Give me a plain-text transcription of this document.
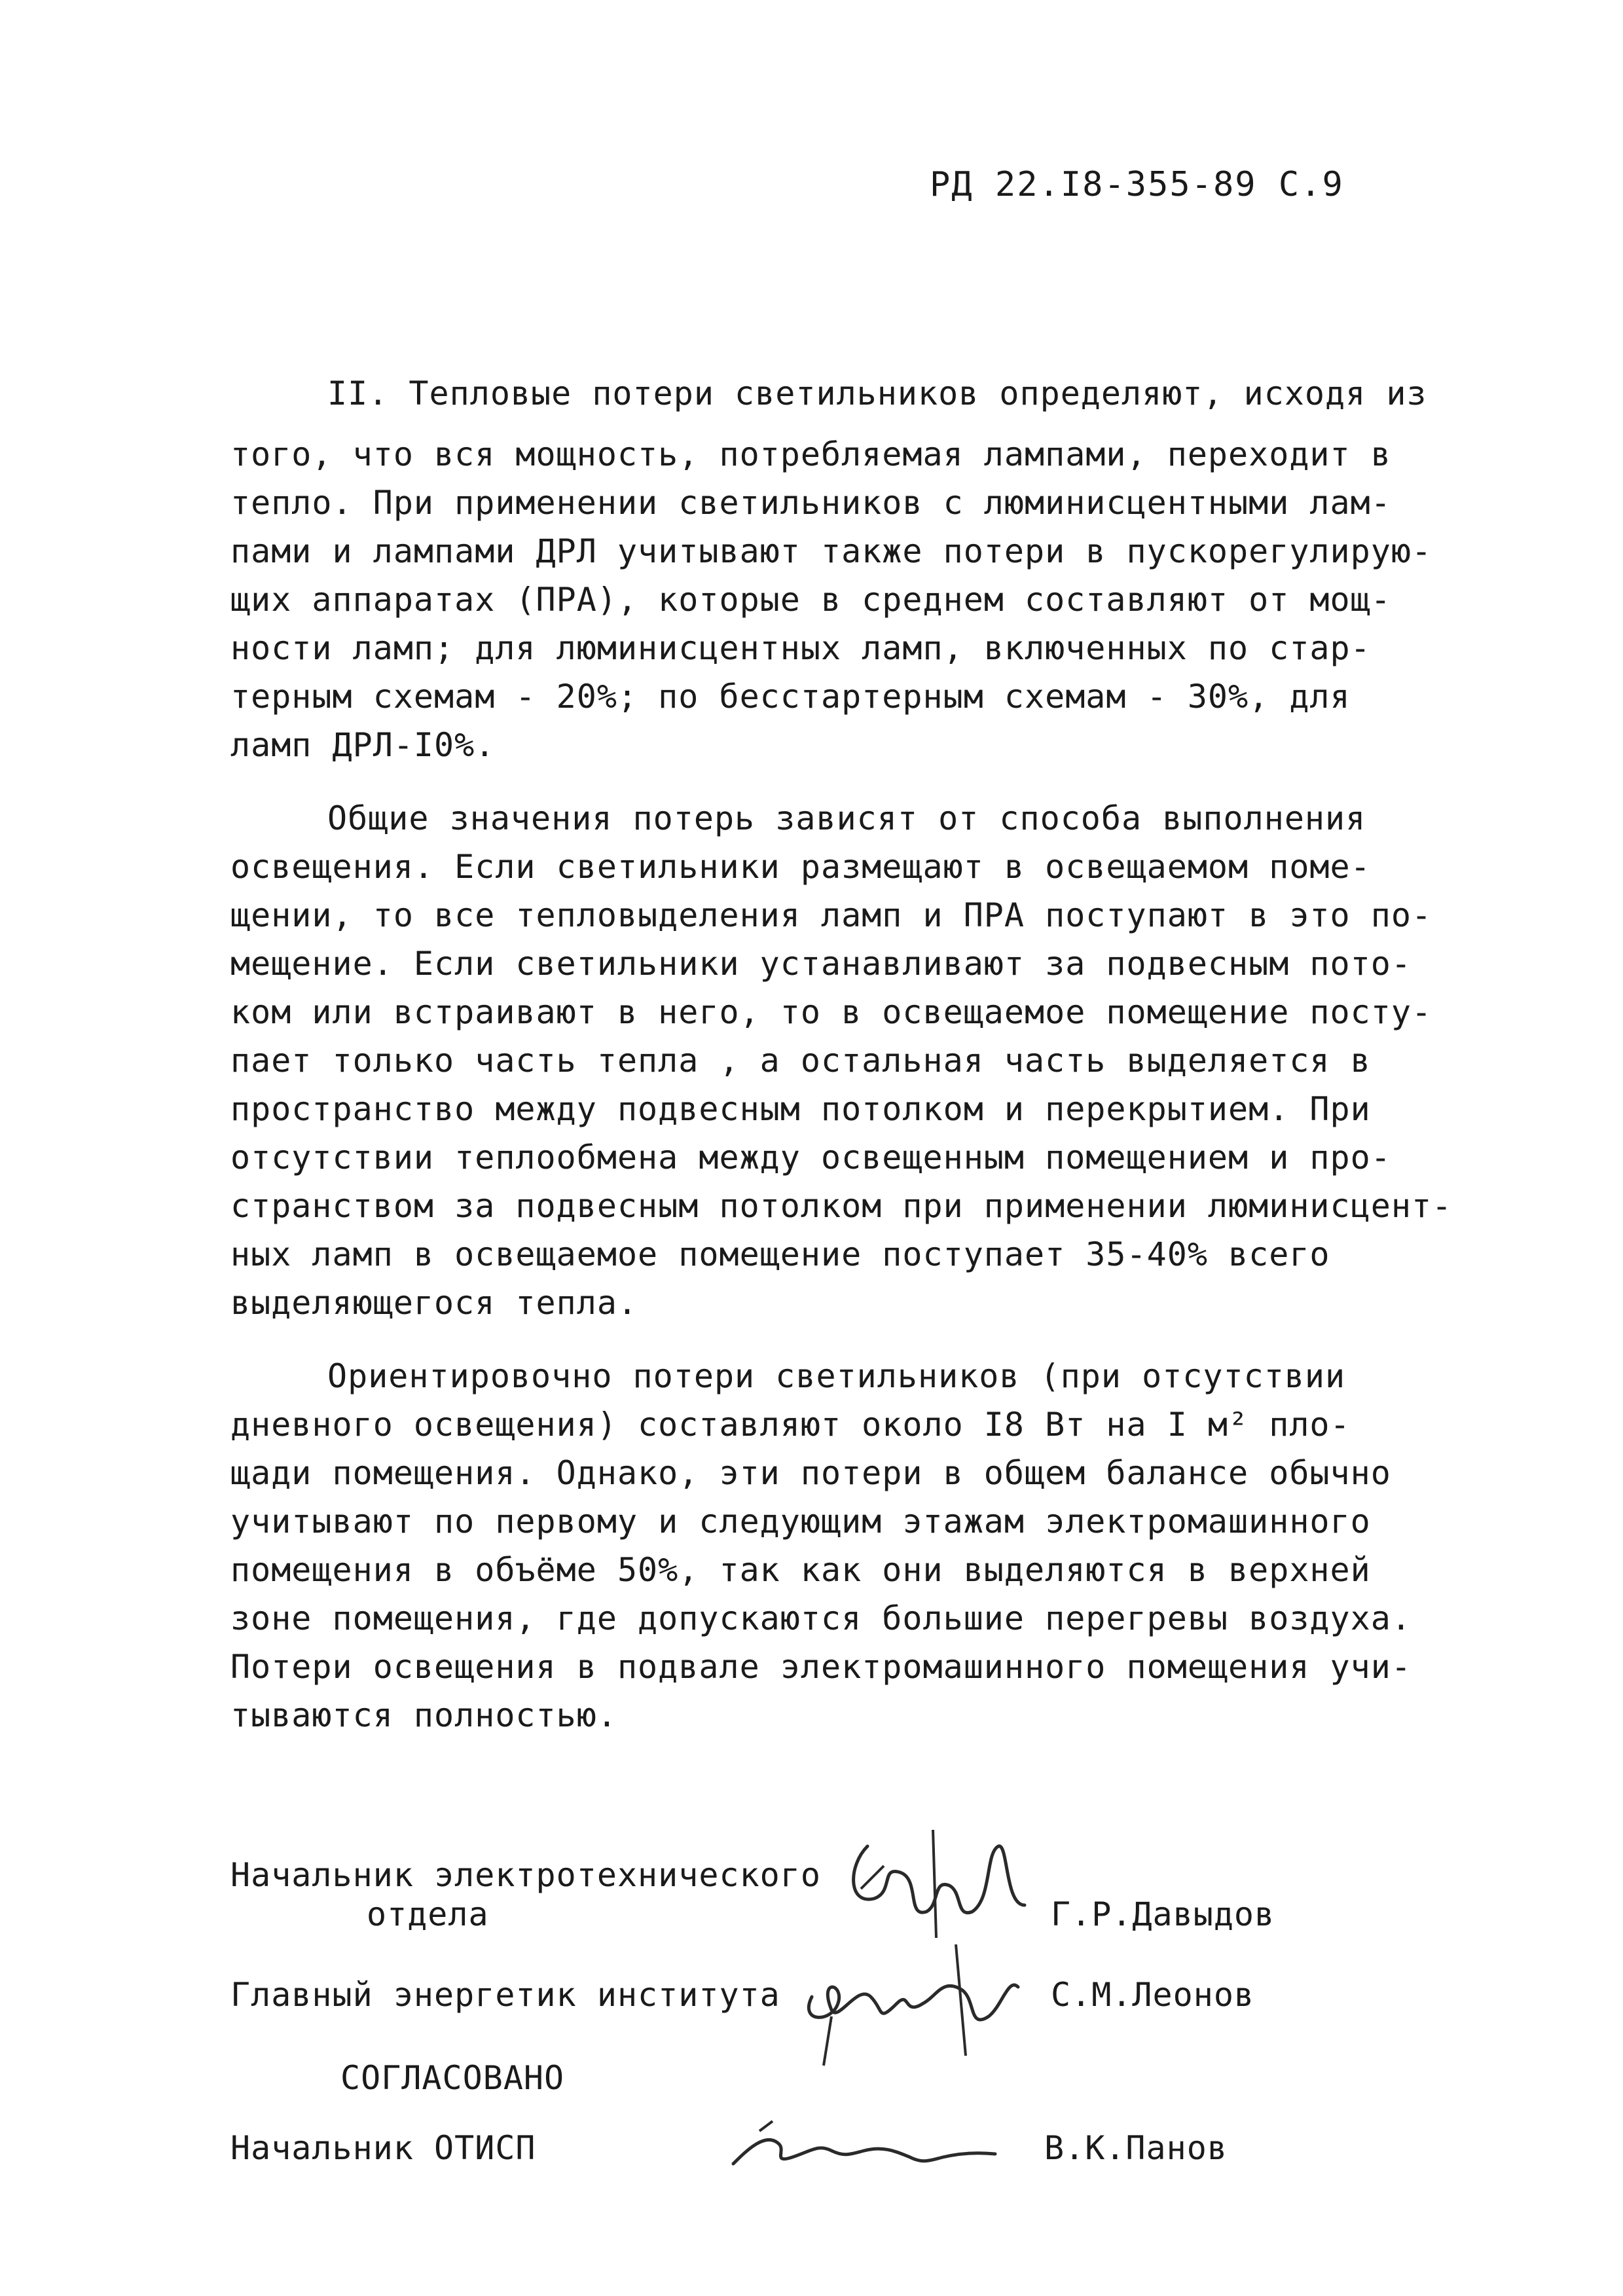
РД 22.I8-355-89 С.9
II. Тепловые потери светильников определяют, исходя из
того, что вся мощность, потребляемая лампами, переходит в
тепло. При применении светильников с люминисцентными лам-
пами и лампами ДРЛ учитывают также потери в пускорегулирую-
щих аппаратах (ПРА), которые в среднем составляют от мощ-
ности ламп; для люминисцентных ламп, включенных по стар-
терным схемам - 20%; по бесстартерным схемам - 30%, для
ламп ДРЛ-I0%.
Общие значения потерь зависят от способа выполнения
освещения. Если светильники размещают в освещаемом поме-
щении, то все тепловыделения ламп и ПРА поступают в это по-
мещение. Если светильники устанавливают за подвесным пото-
ком или встраивают в него, то в освещаемое помещение посту-
пает только часть тепла , а остальная часть выделяется в
пространство между подвесным потолком и перекрытием. При
отсутствии теплообмена между освещенным помещением и про-
странством за подвесным потолком при применении люминисцент-
ных ламп в освещаемое помещение поступает 35-40% всего
выделяющегося тепла.
Ориентировочно потери светильников (при отсутствии
дневного освещения) составляют около I8 Вт на I м² пло-
щади помещения. Однако, эти потери в общем балансе обычно
учитывают по первому и следующим этажам электромашинного
помещения в объёме 50%, так как они выделяются в верхней
зоне помещения, где допускаются большие перегревы воздуха.
Потери освещения в подвале электромашинного помещения учи-
тываются полностью.
Начальник электротехнического
отдела	Г.Р.Давыдов
Главный энергетик института	С.М.Леонов
СОГЛАСОВАНО
Начальник ОТИСП	В.К.Панов
